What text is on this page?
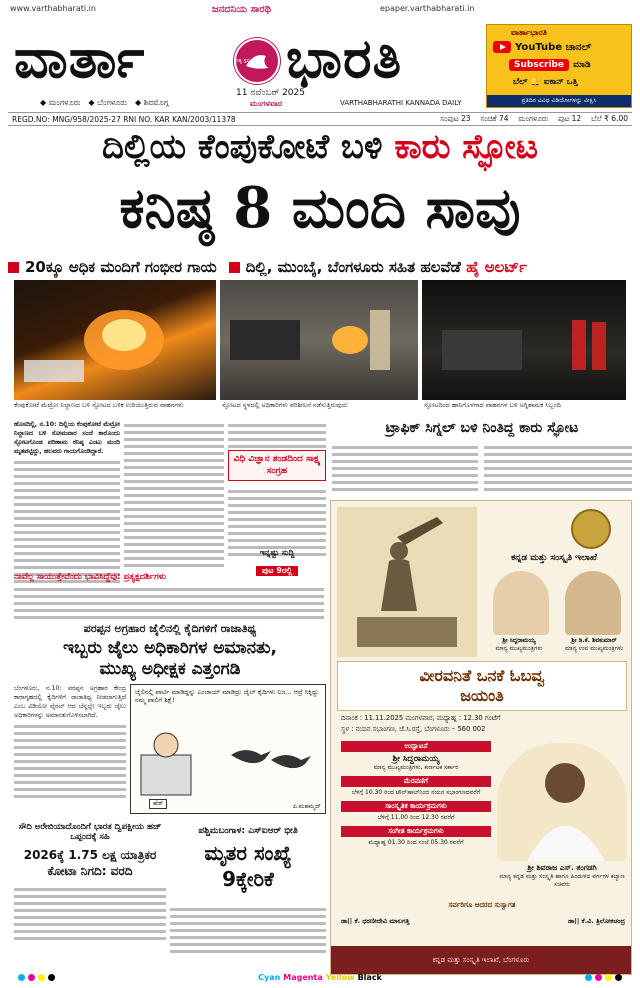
www.varthabharati.in	ಜನದನಿಯ ಸಾರಥಿ	epaper.varthabharati.in
ವಾರ್ತಾ	ಭಾರತಿ
ಸತ್ಯ ಸ್ಪಷ್ಟ ನಿಷ್ಠ
11 ನವೆಂಬರ್ 2025
ಮಂಗಳವಾರ
◆ ಮಂಗಳೂರು ◆ ಬೆಂಗಳೂರು ◆ ಶಿವಮೊಗ್ಗ	VARTHABHARATHI KANNADA DAILY
ವಾರ್ತಾಭಾರತಿ
YouTube ಚಾನಲ್
Subscribe	ಮಾಡಿ
ಬೆಲ್ 🔔 ಐಕಾನ್ ಒತ್ತಿ
ಪ್ರತಿದಿನ ವಿವಿಧ ವಿಡಿಯೋಗಳನ್ನು ವೀಕ್ಷಿಸಿ
REGD.NO: MNG/958/2025-27 RNI NO. KAR KAN/2003/11378	ಸಂಪುಟ 23 ಸಂಚಿಕೆ 74 ಮಂಗಳೂರು ಪುಟ 12 ಬೆಲೆ ₹ 6.00
ದಿಲ್ಲಿಯ ಕೆಂಪುಕೋಟೆ ಬಳಿ ಕಾರು ಸ್ಫೋಟ
ಕನಿಷ್ಠ 8 ಮಂದಿ ಸಾವು
20ಕ್ಕೂ ಅಧಿಕ ಮಂದಿಗೆ ಗಂಭೀರ ಗಾಯ ದಿಲ್ಲಿ, ಮುಂಬೈ, ಬೆಂಗಳೂರು ಸಹಿತ ಹಲವೆಡೆ ಹೈ ಅಲರ್ಟ್
ಕೆಂಪುಕೋಟೆ ಮೆಟ್ರೋ ನಿಲ್ದಾಣದ ಬಳಿ ಸ್ಫೋಟದ ಬಳಿಕ ಉರಿಯುತ್ತಿರುವ ವಾಹನಗಳು	ಸ್ಫೋಟದ ಸ್ಥಳದಲ್ಲಿ ಅಧಿಕಾರಿಗಳು ಪರಿಶೀಲನೆ ನಡೆಸುತ್ತಿರುವುದು	ಸ್ಫೋಟದಿಂದ ಹಾನಿಗೊಳಗಾದ ವಾಹನಗಳ ಬಳಿ ಅಗ್ನಿಶಾಮಕ ಸಿಬ್ಬಂದಿ
ಹೊಸದಿಲ್ಲಿ, ನ.10: ದಿಲ್ಲಿಯ ಕೆಂಪುಕೋಟೆ ಮೆಟ್ರೋ ನಿಲ್ದಾಣದ ಬಳಿ ಸೋಮವಾರ ಸಂಜೆ ಕಾರೊಂದು ಸ್ಫೋಟಗೊಂಡ ಪರಿಣಾಮ ಕನಿಷ್ಠ ಎಂಟು ಮಂದಿ ಮೃತಪಟ್ಟಿದ್ದು, ಹಲವರು ಗಾಯಗೊಂಡಿದ್ದಾರೆ.
ನಾವೆಲ್ಲ ಸಾಯುತ್ತೇವೆಂದು ಭಾವಿಸಿದ್ದೆವು: ಪ್ರತ್ಯಕ್ಷದರ್ಶಿಗಳು
ವಿಧಿ ವಿಜ್ಞಾನ ತಂಡದಿಂದ ಸಾಕ್ಷ್ಯ ಸಂಗ್ರಹ
ಟ್ರಾಫಿಕ್ ಸಿಗ್ನಲ್ ಬಳಿ ನಿಂತಿದ್ದ ಕಾರು ಸ್ಫೋಟ
ಇನ್ನಷ್ಟು ಸುದ್ದಿ
ಪುಟ 9ರಲ್ಲಿ
ಪರಪ್ಪನ ಅಗ್ರಹಾರ ಜೈಲಿನಲ್ಲಿ ಕೈದಿಗಳಿಗೆ ರಾಜಾತಿಥ್ಯ
ಇಬ್ಬರು ಜೈಲು ಅಧಿಕಾರಿಗಳ ಅಮಾನತು,
ಮುಖ್ಯ ಅಧೀಕ್ಷಕ ಎತ್ತಂಗಡಿ
ಬೆಂಗಳೂರು, ನ.10: ಪರಪ್ಪನ ಅಗ್ರಹಾರ ಕೇಂದ್ರ ಕಾರಾಗೃಹದಲ್ಲಿ ಕೈದಿಗಳಿಗೆ ರಾಜಾತಿಥ್ಯ ನೀಡಲಾಗುತ್ತಿದೆ ಎಂಬ ವಿಡಿಯೋ ವೈರಲ್ ಆದ ಬೆನ್ನಲ್ಲೇ ಇಬ್ಬರು ಜೈಲು ಅಧಿಕಾರಿಗಳನ್ನು ಅಮಾನತುಗೊಳಿಸಲಾಗಿದೆ.
ಜೈಲಿನಲ್ಲಿ ಪಾರ್ಟಿ ಮಾಡಿದ್ದನ್ನು ಎಂಜಾಯ್ ಮಾಡಿದ್ರು ಜೈಲ್ ಕೈದಿಗಳು ನಿಜ... ಆದ್ರೆ ಸಿಕ್ಕಿದ್ದು ನಮ್ಮ ಪಾಲಿಗೆ ಶಿಕ್ಷೆ!
ಹೆಡ್	ಪಿ.ಮಹಮ್ಮದ್
ಸೌದಿ ಅರೇಬಿಯಾದೊಂದಿಗೆ ಭಾರತ ದ್ವಿಪಕ್ಷೀಯ ಹಜ್ ಒಪ್ಪಂದಕ್ಕೆ ಸಹಿ
2026ಕ್ಕೆ 1.75 ಲಕ್ಷ ಯಾತ್ರಿಕರ
ಕೋಟಾ ನಿಗದಿ: ವರದಿ
ಪಶ್ಚಿಮಬಂಗಾಳ: ಎಸ್‌ಐಆರ್ ಭೀತಿ
ಮೃತರ ಸಂಖ್ಯೆ
9ಕ್ಕೇರಿಕೆ
ಕನ್ನಡ ಮತ್ತು ಸಂಸ್ಕೃತಿ ಇಲಾಖೆ
ಶ್ರೀ ಸಿದ್ದರಾಮಯ್ಯ
ಮಾನ್ಯ ಮುಖ್ಯಮಂತ್ರಿಗಳು
ಶ್ರೀ ಡಿ.ಕೆ. ಶಿವಕುಮಾರ್
ಮಾನ್ಯ ಉಪ ಮುಖ್ಯಮಂತ್ರಿಗಳು
ವೀರವನಿತೆ ಒನಕೆ ಓಬವ್ವ
ಜಯಂತಿ
ದಿನಾಂಕ : 11.11.2025 ಮಂಗಳವಾರ, ಮಧ್ಯಾಹ್ನ : 12.30 ಗಂಟೆಗೆ
ಸ್ಥಳ : ನಯನ ಸಭಾಂಗಣ, ಜೆ.ಸಿ.ರಸ್ತೆ, ಬೆಂಗಳೂರು – 560 002
ಉದ್ಘಾಟನೆ
ಶ್ರೀ ಸಿದ್ದರಾಮಯ್ಯ
ಮಾನ್ಯ ಮುಖ್ಯಮಂತ್ರಿಗಳು, ಕರ್ನಾಟಕ ಸರ್ಕಾರ
ಮೆರವಣಿಗೆ
ಬೆಳಿಗ್ಗೆ 10.30 ರಿಂದ ಟೌನ್‌ಹಾಲ್‌ನಿಂದ ನಯನ ಸಭಾಂಗಣದವರೆಗೆ
ಸಾಂಸ್ಕೃತಿಕ ಕಾರ್ಯಕ್ರಮಗಳು
ಬೆಳಿಗ್ಗೆ 11.00 ರಿಂದ 12.30 ರವರೆಗೆ
ಸಂಗೀತ ಕಾರ್ಯಕ್ರಮಗಳು
ಮಧ್ಯಾಹ್ನ 01.30 ರಿಂದ ಸಂಜೆ 05.30 ರವರೆಗೆ
ಶ್ರೀ ಶಿವರಾಜ ಎಸ್. ತಂಗಡಗಿ
ಮಾನ್ಯ ಕನ್ನಡ ಮತ್ತು ಸಂಸ್ಕೃತಿ ಹಾಗೂ ಹಿಂದುಳಿದ ವರ್ಗಗಳ ಕಲ್ಯಾಣ ಸಚಿವರು
ಸರ್ವರಿಗೂ ಆದರದ ಸುಸ್ವಾಗತ
ಡಾ|| ಕೆ. ಧರಣೀದೇವಿ ಮಾಲಗತ್ತಿ	ಡಾ|| ಕೆ.ವಿ. ತ್ರಿಲೋಕಚಂದ್ರ
ಕನ್ನಡ ಮತ್ತು ಸಂಸ್ಕೃತಿ ಇಲಾಖೆ, ಬೆಂಗಳೂರು
Cyan Magenta Yellow Black
